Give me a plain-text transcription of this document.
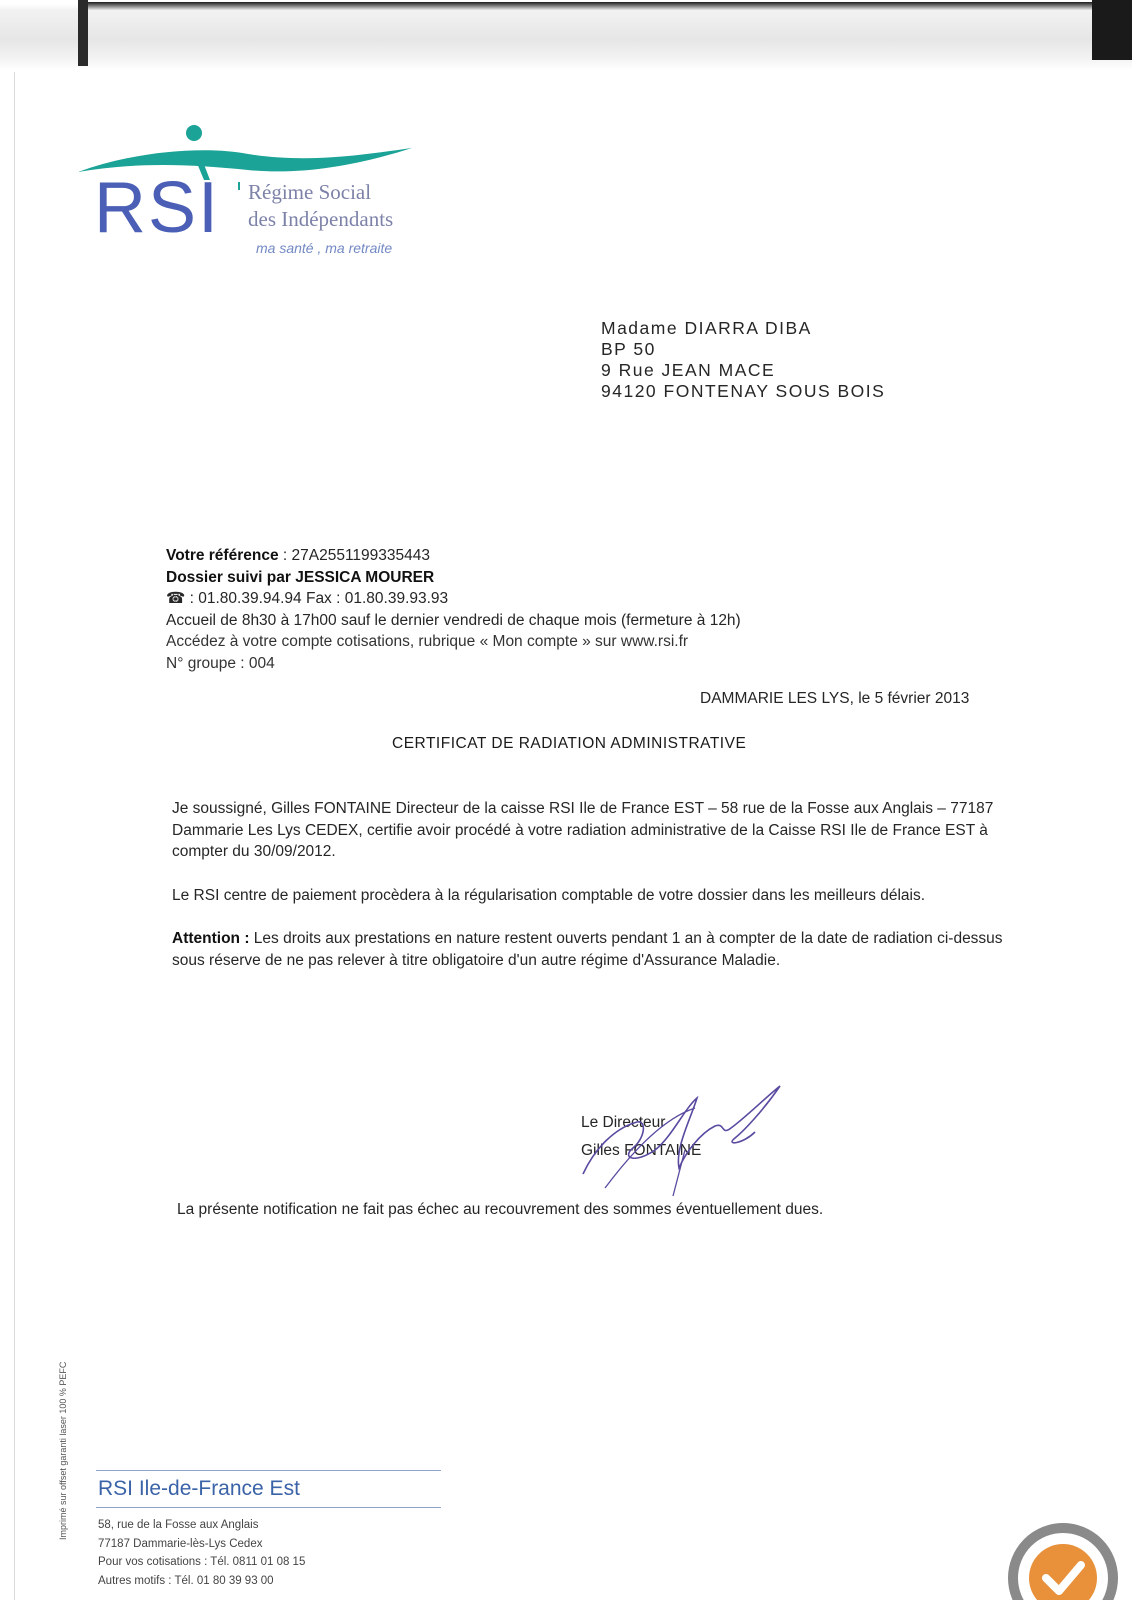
RSI Régime Social
des Indépendants
ma santé , ma retraite
Madame DIARRA DIBA
BP 50
9 Rue JEAN MACE
94120 FONTENAY SOUS BOIS
Votre référence : 27A2551199335443
Dossier suivi par JESSICA MOURER
☎ : 01.80.39.94.94 Fax : 01.80.39.93.93
Accueil de 8h30 à 17h00 sauf le dernier vendredi de chaque mois (fermeture à 12h)
Accédez à votre compte cotisations, rubrique « Mon compte » sur www.rsi.fr
N° groupe : 004
DAMMARIE LES LYS, le 5 février 2013
CERTIFICAT DE RADIATION ADMINISTRATIVE

Je soussigné, Gilles FONTAINE Directeur de la caisse RSI Ile de France EST – 58 rue de la Fosse aux Anglais – 77187 Dammarie Les Lys CEDEX, certifie avoir procédé à votre radiation administrative de la Caisse RSI Ile de France EST à compter du 30/09/2012.

Le RSI centre de paiement procèdera à la régularisation comptable de votre dossier dans les meilleurs délais.

Attention : Les droits aux prestations en nature restent ouverts pendant 1 an à compter de la date de radiation ci-dessus sous réserve de ne pas relever à titre obligatoire d'un autre régime d'Assurance Maladie.

Le Directeur
Gilles FONTAINE
La présente notification ne fait pas échec au recouvrement des sommes éventuellement dues.
Imprimé sur offset garanti laser 100 % PEFC RSI Ile-de-France Est
58, rue de la Fosse aux Anglais
77187 Dammarie-lès-Lys Cedex
Pour vos cotisations : Tél. 0811 01 08 15
Autres motifs : Tél. 01 80 39 93 00
